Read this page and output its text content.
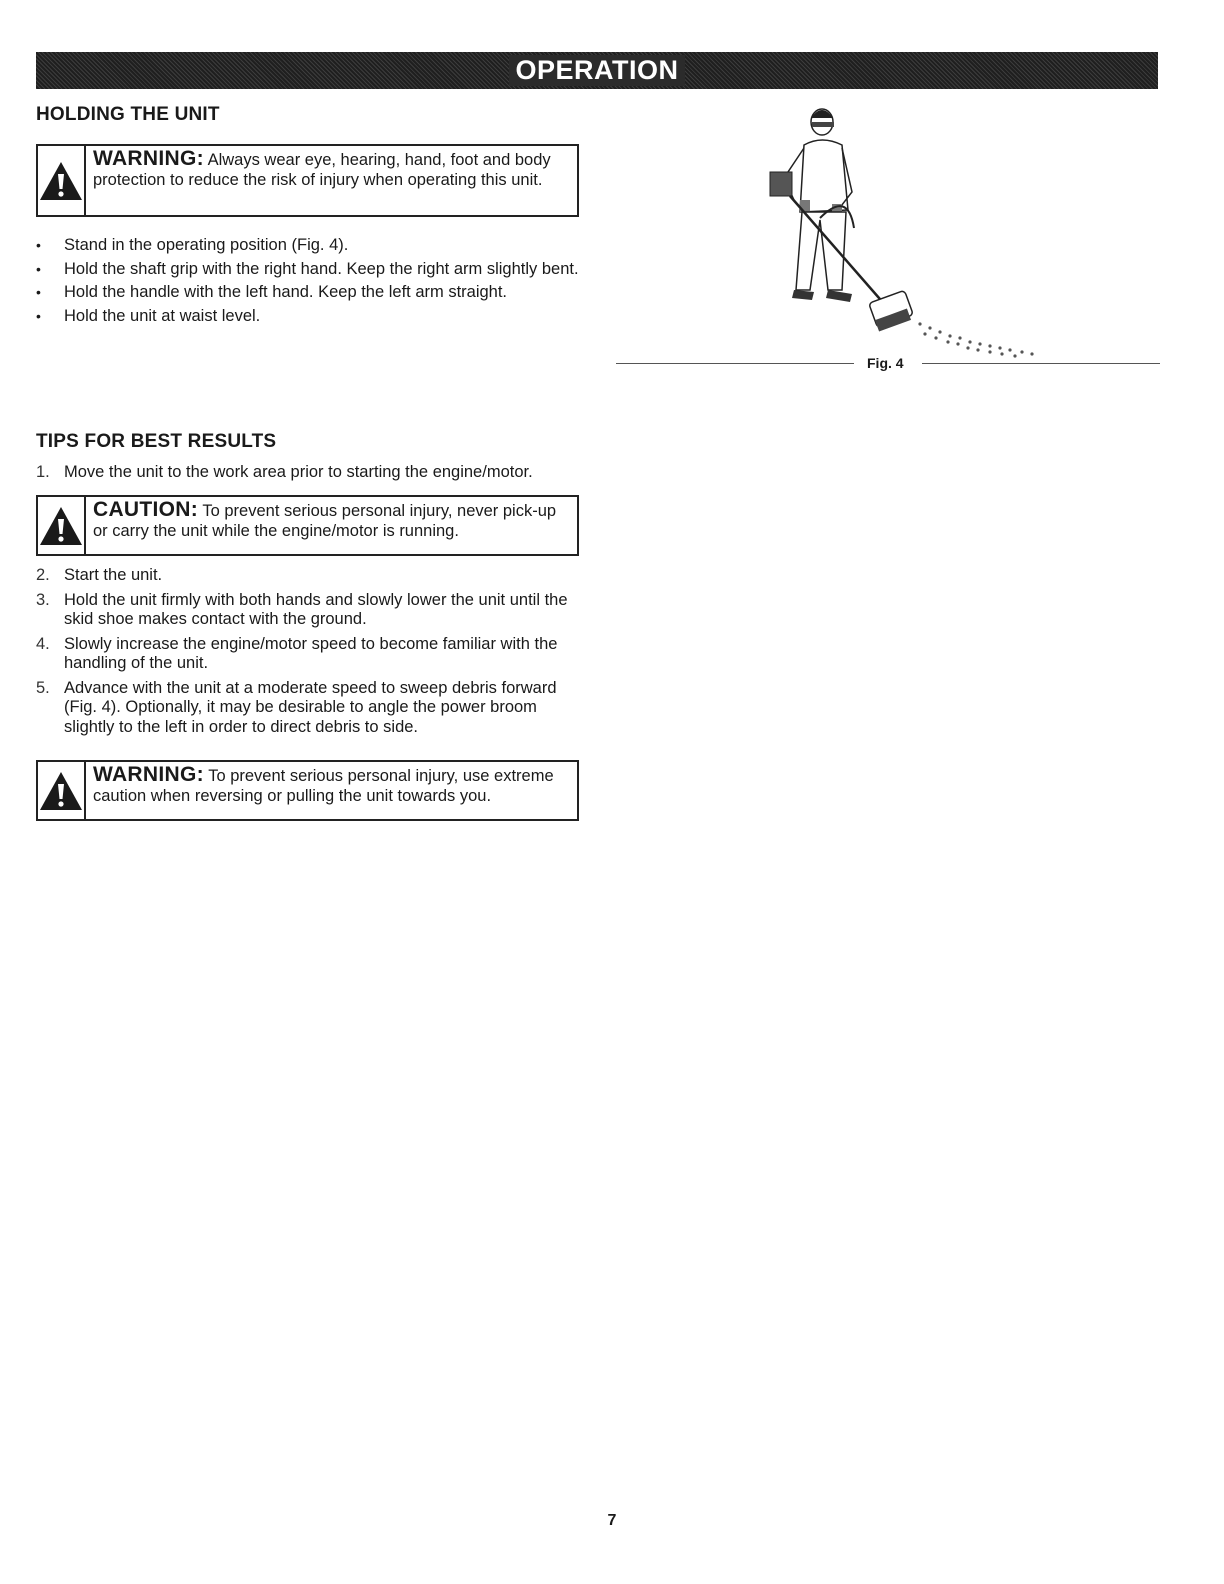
OPERATION
HOLDING THE UNIT
WARNING: Always wear eye, hearing, hand, foot and body protection to reduce the risk of injury when operating this unit.
• Stand in the operating position (Fig. 4).
• Hold the shaft grip with the right hand. Keep the right arm slightly bent.
• Hold the handle with the left hand. Keep the left arm straight.
• Hold the unit at waist level.
Fig. 4
TIPS FOR BEST RESULTS
1. Move the unit to the work area prior to starting the engine/motor.
CAUTION: To prevent serious personal injury, never pick-up or carry the unit while the engine/motor is running.
2. Start the unit.
3. Hold the unit firmly with both hands and slowly lower the unit until the skid shoe makes contact with the ground.
4. Slowly increase the engine/motor speed to become familiar with the handling of the unit.
5. Advance with the unit at a moderate speed to sweep debris forward (Fig. 4). Optionally, it may be desirable to angle the power broom slightly to the left in order to direct debris to side.
WARNING: To prevent serious personal injury, use extreme caution when reversing or pulling the unit towards you.
7
